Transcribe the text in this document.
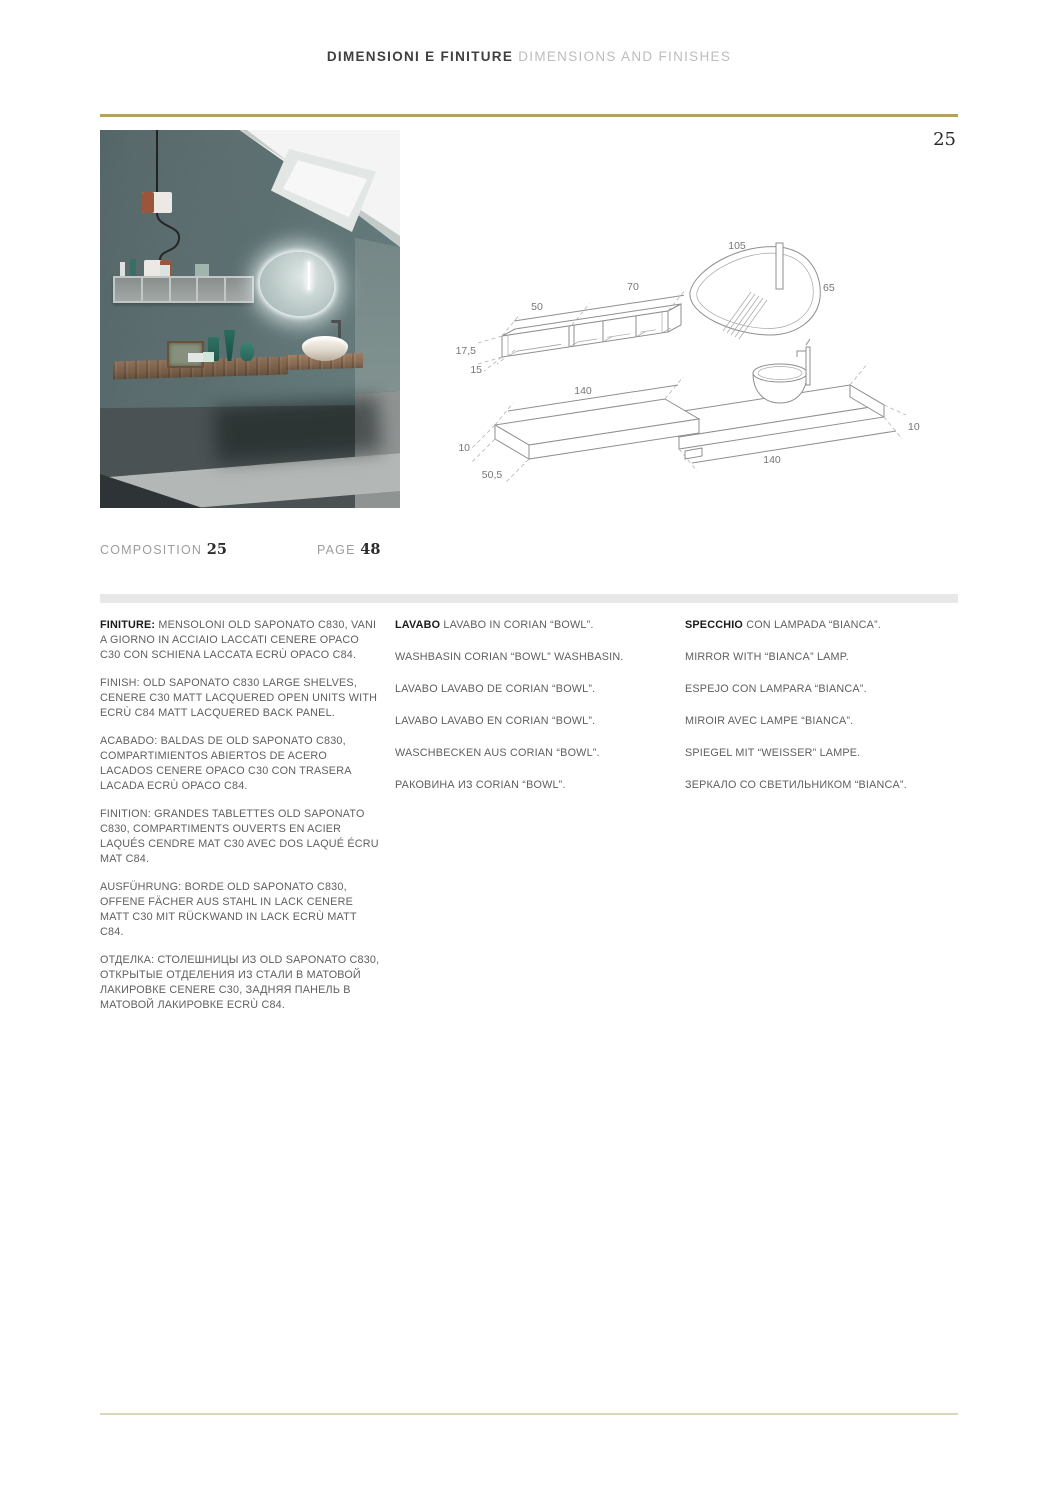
DIMENSIONI E FINITURE DIMENSIONS AND FINISHES
25
50
70
17,5
15
105
65
140
10
50,5
140
10
COMPOSITION 25	PAGE 48

FINITURE: MENSOLONI OLD SAPONATO C830, VANI A GIORNO IN ACCIAIO LACCATI CENERE OPACO C30 CON SCHIENA LACCATA ECRÙ OPACO C84.

FINISH: OLD SAPONATO C830 LARGE SHELVES, CENERE C30 MATT LACQUERED OPEN UNITS WITH ECRÙ C84 MATT LACQUERED BACK PANEL.

ACABADO: BALDAS DE OLD SAPONATO C830, COMPARTIMIENTOS ABIERTOS DE ACERO LACADOS CENERE OPACO C30 CON TRASERA LACADA ECRÙ OPACO C84.

FINITION: GRANDES TABLETTES OLD SAPONATO C830, COMPARTIMENTS OUVERTS EN ACIER LAQUÉS CENDRE MAT C30 AVEC DOS LAQUÉ ÉCRU MAT C84.

AUSFÜHRUNG: BORDE OLD SAPONATO C830, OFFENE FÄCHER AUS STAHL IN LACK CENERE MATT C30 MIT RÜCKWAND IN LACK ECRÙ MATT C84.

ОТДЕЛКА: СТОЛЕШНИЦЫ ИЗ OLD SAPONATO C830, ОТКРЫТЫЕ ОТДЕЛЕНИЯ ИЗ СТАЛИ В МАТОВОЙ ЛАКИРОВКЕ CENERE C30, ЗАДНЯЯ ПАНЕЛЬ В МАТОВОЙ ЛАКИРОВКЕ ECRÙ C84.

LAVABO LAVABO IN CORIAN “BOWL”.

WASHBASIN CORIAN “BOWL” WASHBASIN.

LAVABO LAVABO DE CORIAN “BOWL”.

LAVABO LAVABO EN CORIAN “BOWL”.

WASCHBECKEN AUS CORIAN “BOWL”.

РАКОВИНА ИЗ CORIAN “BOWL”.

SPECCHIO CON LAMPADA “BIANCA”.

MIRROR WITH “BIANCA” LAMP.

ESPEJO CON LAMPARA “BIANCA”.

MIROIR AVEC LAMPE “BIANCA”.

SPIEGEL MIT “WEISSER” LAMPE.

ЗЕРКАЛО СО СВЕТИЛЬНИКОМ “BIANCA”.
